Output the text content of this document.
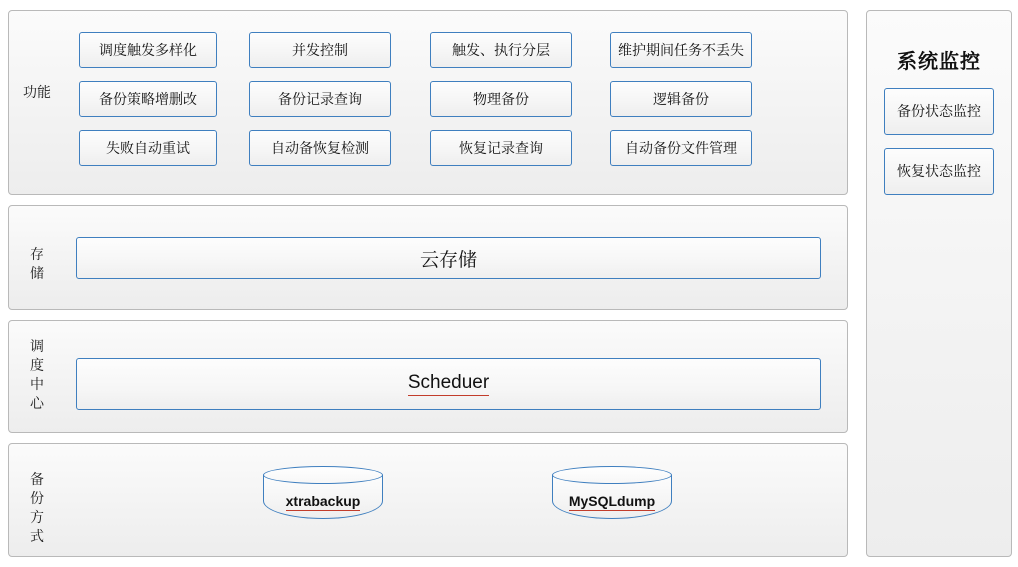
功能
调度触发多样化	并发控制	触发、执行分层	维护期间任务不丢失
备份策略增删改	备份记录查询	物理备份	逻辑备份
失败自动重试	自动备恢复检测	恢复记录查询	自动备份文件管理
存
储
云存储
调
度
中
心
Scheduer
备
份
方
式
xtrabackup	MySQLdump
系统监控
备份状态监控
恢复状态监控
